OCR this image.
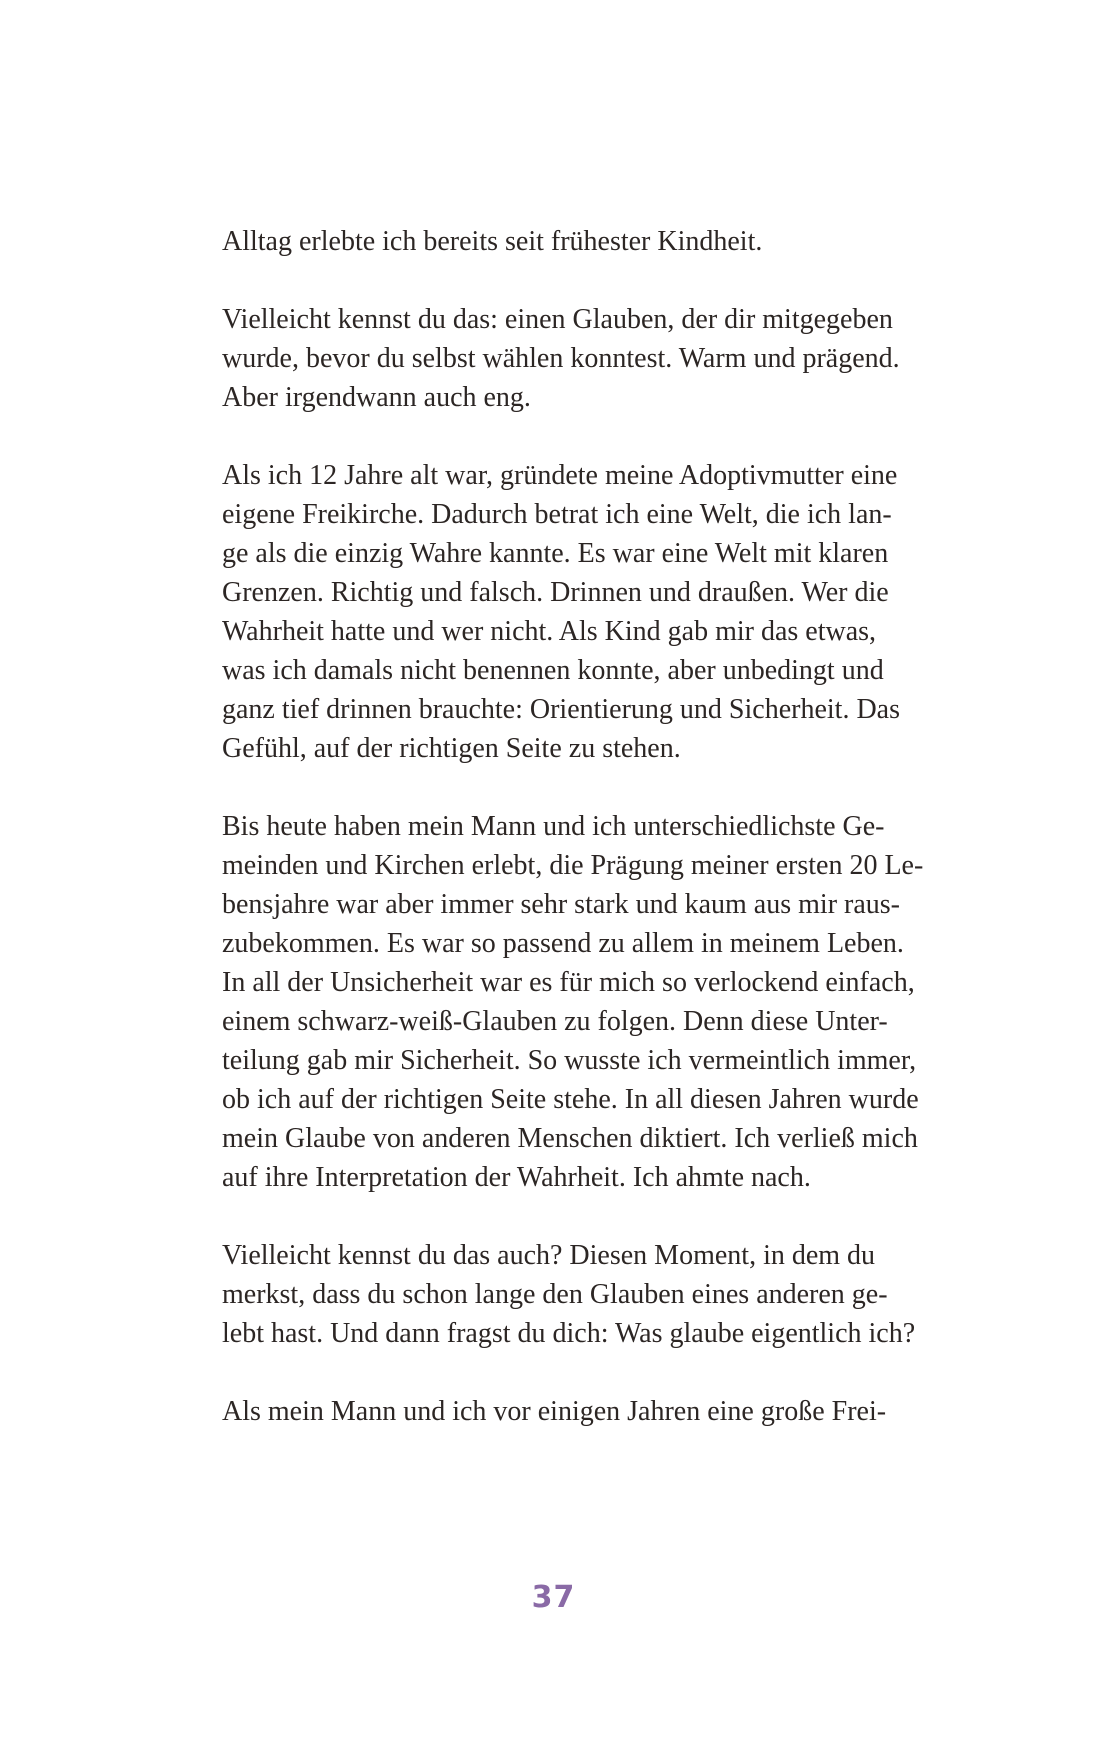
Alltag erlebte ich bereits seit frühester Kindheit.
Vielleicht kennst du das: einen Glauben, der dir mitgegeben
wurde, bevor du selbst wählen konntest. Warm und prägend.
Aber irgendwann auch eng.
Als ich 12 Jahre alt war, gründete meine Adoptivmutter eine
eigene Freikirche. Dadurch betrat ich eine Welt, die ich lan-
ge als die einzig Wahre kannte. Es war eine Welt mit klaren
Grenzen. Richtig und falsch. Drinnen und draußen. Wer die
Wahrheit hatte und wer nicht. Als Kind gab mir das etwas,
was ich damals nicht benennen konnte, aber unbedingt und
ganz tief drinnen brauchte: Orientierung und Sicherheit. Das
Gefühl, auf der richtigen Seite zu stehen.
Bis heute haben mein Mann und ich unterschiedlichste Ge-
meinden und Kirchen erlebt, die Prägung meiner ersten 20 Le-
bensjahre war aber immer sehr stark und kaum aus mir raus-
zubekommen. Es war so passend zu allem in meinem Leben.
In all der Unsicherheit war es für mich so verlockend einfach,
einem schwarz-weiß-Glauben zu folgen. Denn diese Unter-
teilung gab mir Sicherheit. So wusste ich vermeintlich immer,
ob ich auf der richtigen Seite stehe. In all diesen Jahren wurde
mein Glaube von anderen Menschen diktiert. Ich verließ mich
auf ihre Interpretation der Wahrheit. Ich ahmte nach.
Vielleicht kennst du das auch? Diesen Moment, in dem du
merkst, dass du schon lange den Glauben eines anderen ge-
lebt hast. Und dann fragst du dich: Was glaube eigentlich ich?
Als mein Mann und ich vor einigen Jahren eine große Frei-
37
